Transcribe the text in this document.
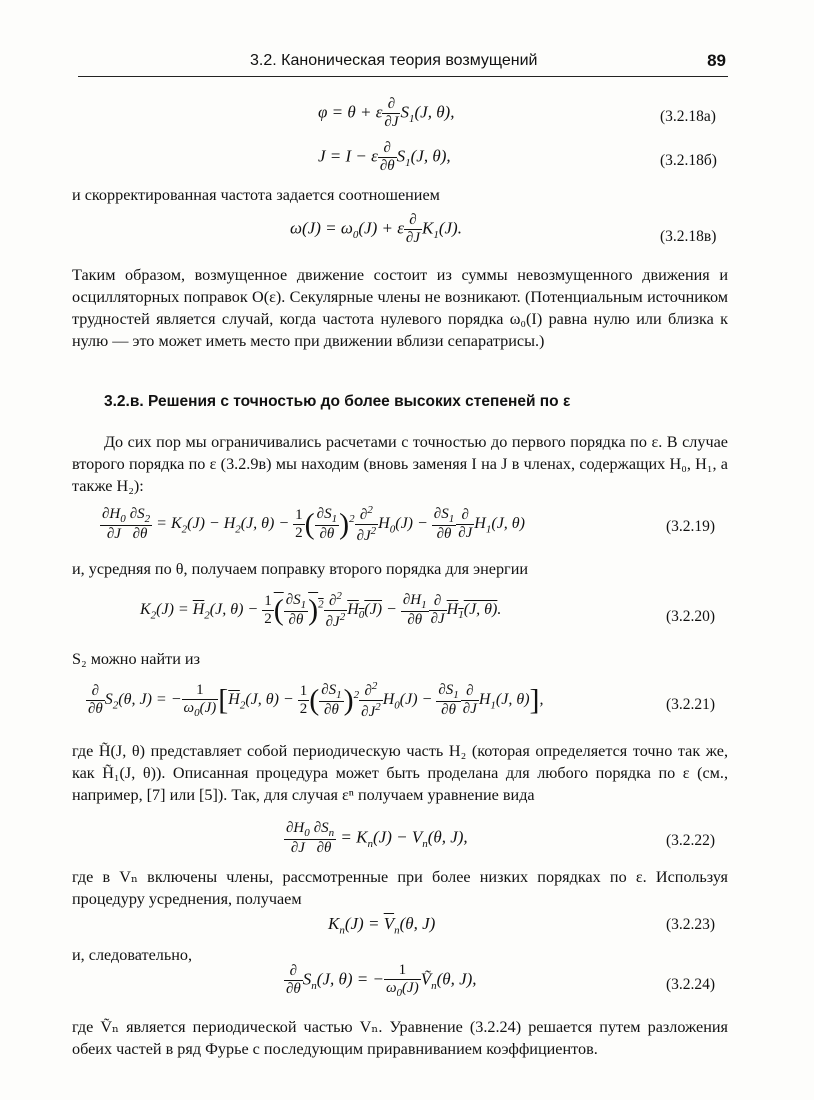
3.2. Каноническая теория возмущений	89
φ = θ + ε ∂
∂J
$S_1(J$, θ),	(3.2.18а)
J = I − ε ∂
∂θ
$S_1(J$, θ),	(3.2.18б)
и скорректированная частота задается соотношением
$\omega(J) = \omega_0(J) + \varepsilon$ ∂
∂J
$K_1(J)$.	(3.2.18в)
Таким образом, возмущенное движение состоит из суммы невозмущенного движения и осцилляторных поправок O(ε). Секулярные члены не возникают. (Потенциальным источником трудностей является случай, когда частота нулевого порядка ω₀(I) равна нулю или близка к нулю — это может иметь место при движении вблизи сепаратрисы.)
3.2.в. Решения с точностью до более высоких степеней по ε
До сих пор мы ограничивались расчетами с точностью до первого порядка по ε. В случае второго порядка по ε (3.2.9в) мы находим (вновь заменяя I на J в членах, содержащих H₀, H₁, а также H₂):
$\frac{\partial H_0}{\partial J} \frac{\partial S_2}{\partial\theta} = K_2(J) - H_2(J$, $\theta) - \frac{1}{2}$ ( $\frac{\partial S_1}{\partial\theta} )^2 \frac{\partial^2}{\partial J^2} H_0(J) - \frac{\partial S_1}{\partial\theta}$ ∂
∂J
$H_1(J$, θ)	(3.2.19)
и, усредняя по θ, получаем поправку второго порядка для энергии
$K_2(J) = \overline{H}_2(J$, $\theta) - \frac{1}{2}$ ( $\frac{\partial S_1}{\partial\theta} )^2 \frac{\partial^2}{\partial J^2} H_0(J) - \frac{\partial H_1}{\partial\theta}$ ∂
∂J
$H_1(J$, θ).	(3.2.20)
S₂ можно найти из
∂
∂θ
$S_2(\theta$, J) = − $\frac{1}{\omega_0(J)} [\overline{H}_2(J$, $\theta) - \frac{1}{2}$ ( $\frac{\partial S_1}{\partial\theta} )^2 \frac{\partial^2}{\partial J^2} H_0(J) - \frac{\partial S_1}{\partial\theta}$ ∂
∂J
$H_1(J$, θ)],	(3.2.21)
где H̃(J, θ) представляет собой периодическую часть H₂ (которая определяется точно так же, как H̃₁(J, θ)). Описанная процедура может быть проделана для любого порядка по ε (см., например, [7] или [5]). Так, для случая εⁿ получаем уравнение вида
$\frac{\partial H_0}{\partial J} \frac{\partial S_n}{\partial\theta} = K_n(J) - V_n(\theta$, J),	(3.2.22)
где в Vₙ включены члены, рассмотренные при более низких порядках по ε. Используя процедуру усреднения, получаем
$K_n(J) = \overline{V}_n(\theta$, J)	(3.2.23)
и, следовательно,
∂
∂θ
$S_n(J$, θ) = − $\frac{1}{\omega_0(J)}$ Ṽ$_n$(θ, J),	(3.2.24)
где Ṽₙ является периодической частью Vₙ. Уравнение (3.2.24) решается путем разложения обеих частей в ряд Фурье с последующим приравниванием коэффициентов.
